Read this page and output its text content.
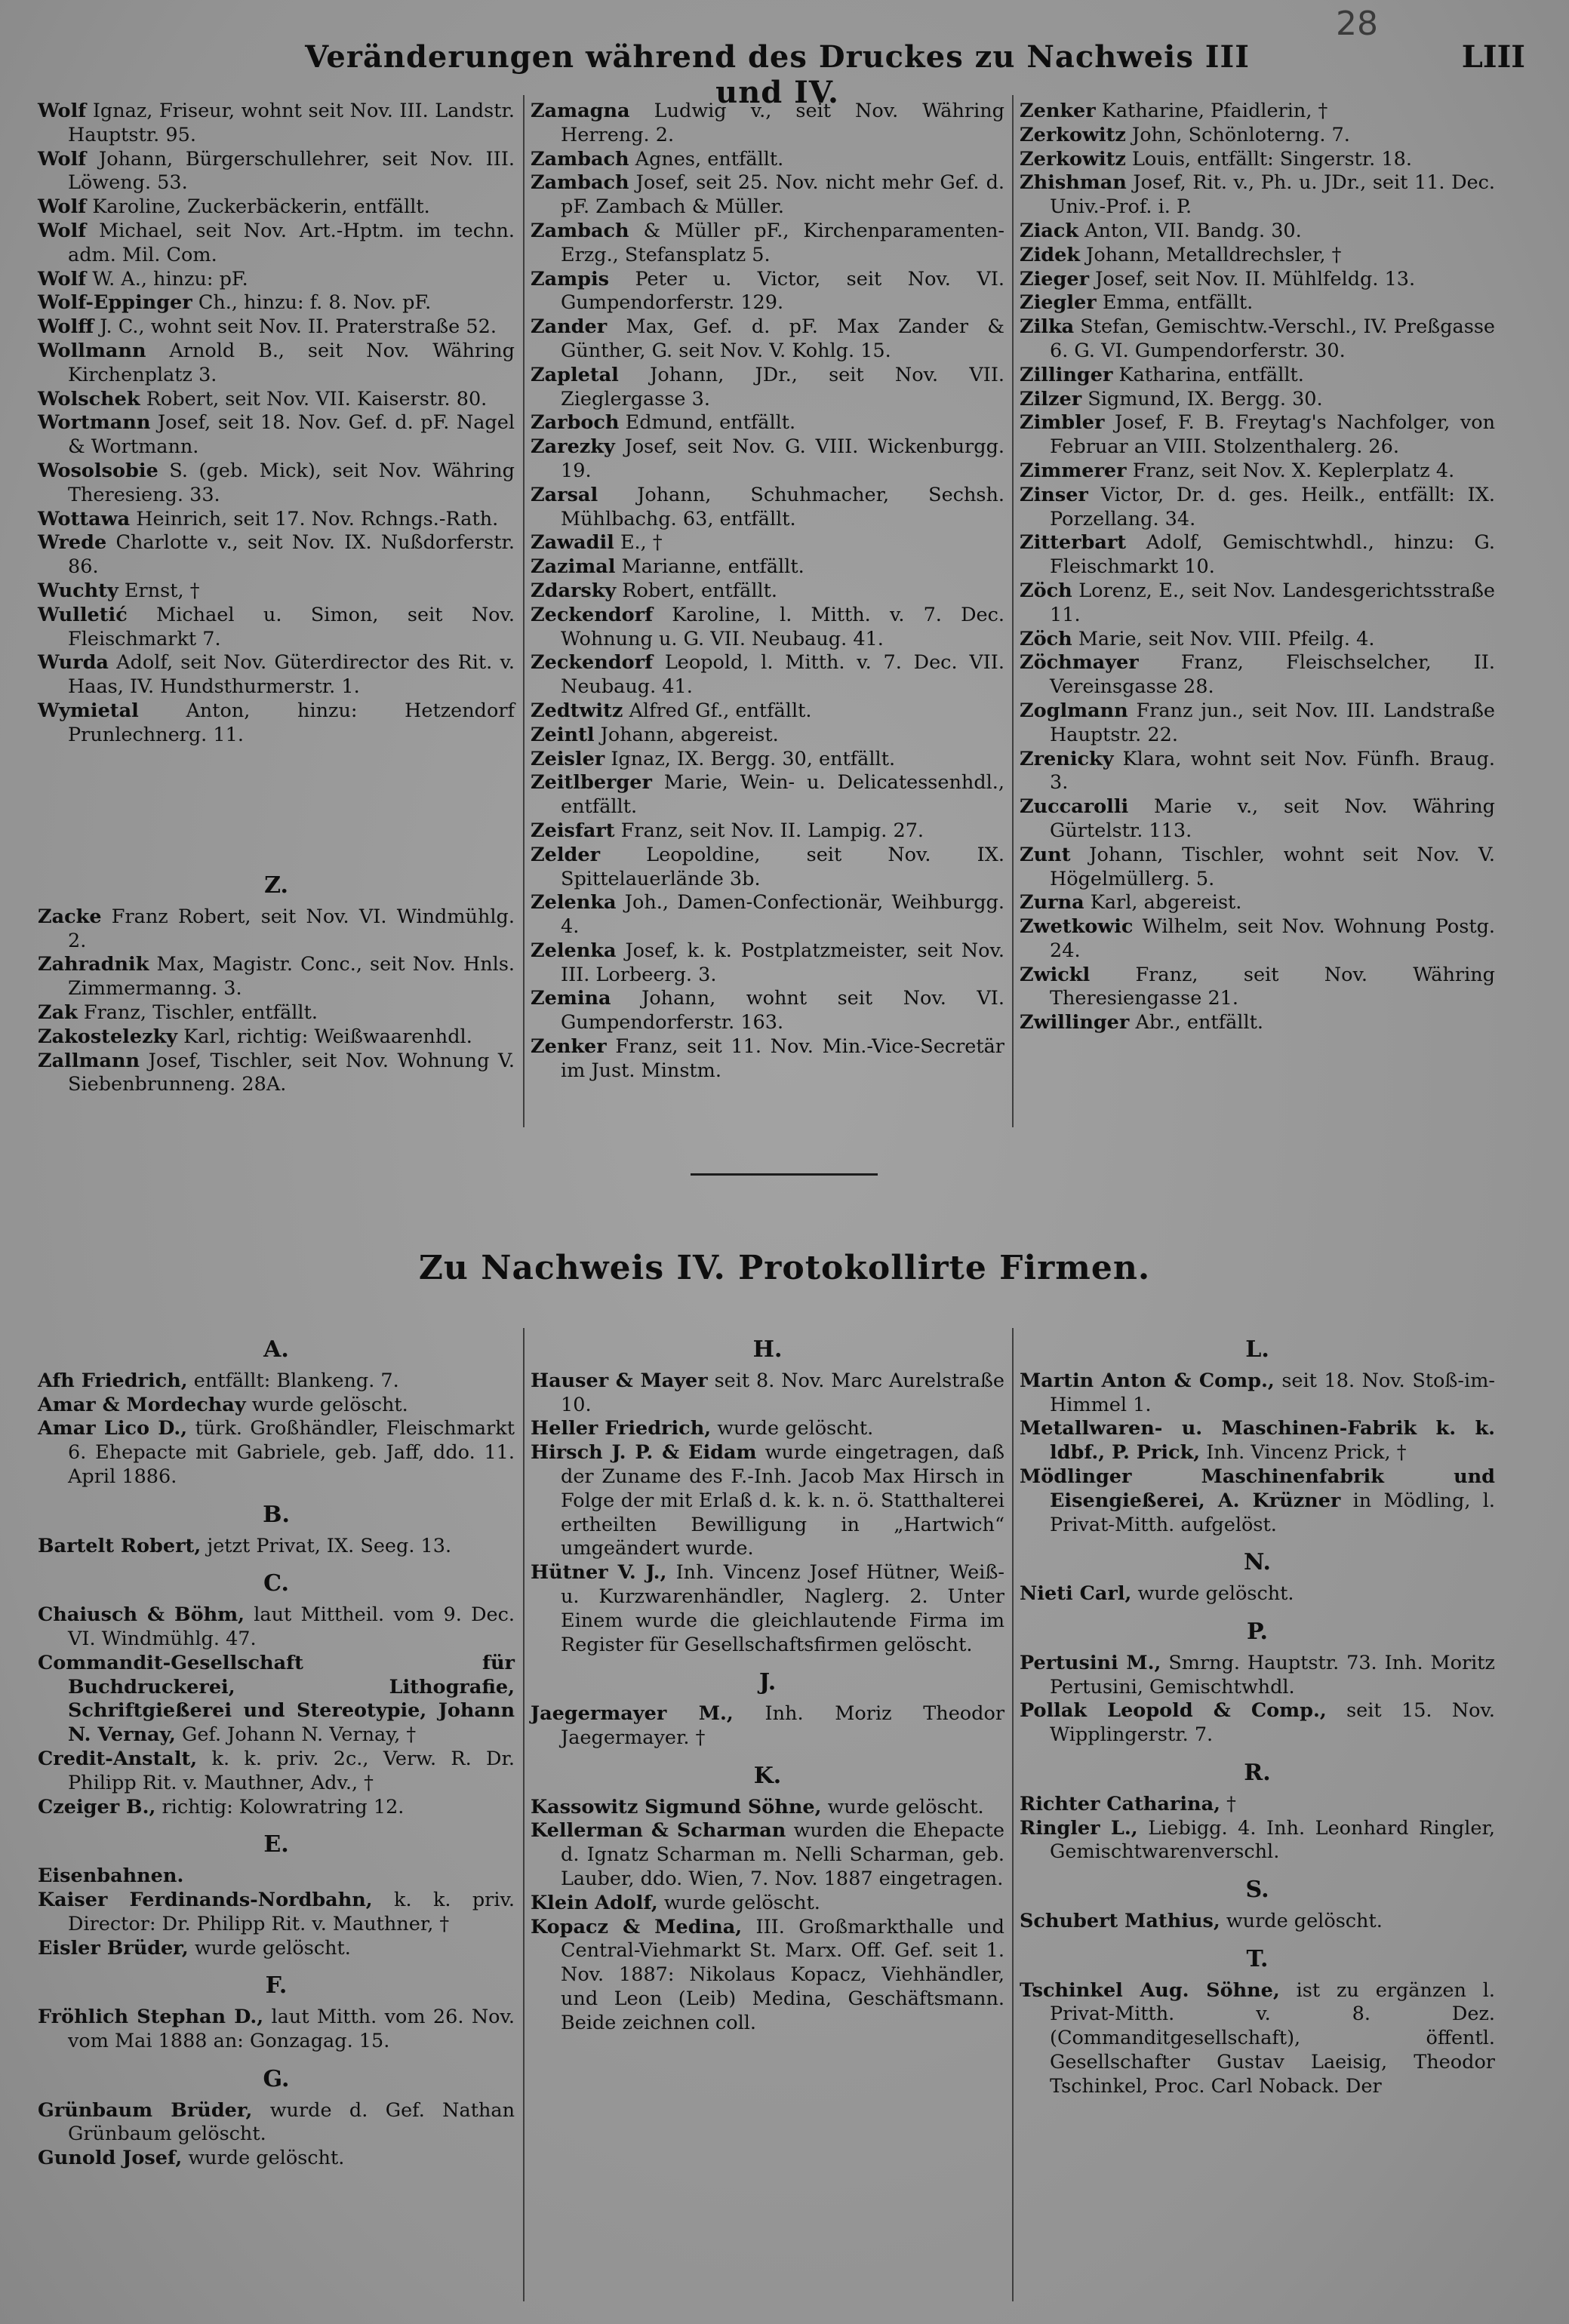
28
Veränderungen während des Druckes zu Nachweis III und IV.
LIII

Wolf Ignaz, Friseur, wohnt seit Nov. III. Landstr. Hauptstr. 95.

Wolf Johann, Bürgerschullehrer, seit Nov. III. Löweng. 53.

Wolf Karoline, Zuckerbäckerin, entfällt.

Wolf Michael, seit Nov. Art.-Hptm. im techn. adm. Mil. Com.

Wolf W. A., hinzu: pF.

Wolf-Eppinger Ch., hinzu: f. 8. Nov. pF.

Wolff J. C., wohnt seit Nov. II. Praterstraße 52.

Wollmann Arnold B., seit Nov. Währing Kirchenplatz 3.

Wolschek Robert, seit Nov. VII. Kaiserstr. 80.

Wortmann Josef, seit 18. Nov. Gef. d. pF. Nagel & Wortmann.

Wosolsobie S. (geb. Mick), seit Nov. Währing Theresieng. 33.

Wottawa Heinrich, seit 17. Nov. Rchngs.-Rath.

Wrede Charlotte v., seit Nov. IX. Nußdorferstr. 86.

Wuchty Ernst, †

Wulletić Michael u. Simon, seit Nov. Fleischmarkt 7.

Wurda Adolf, seit Nov. Güterdirector des Rit. v. Haas, IV. Hundsthurmerstr. 1.

Wymietal Anton, hinzu: Hetzendorf Prunlechnerg. 11.

Z.

Zacke Franz Robert, seit Nov. VI. Windmühlg. 2.

Zahradnik Max, Magistr. Conc., seit Nov. Hnls. Zimmermanng. 3.

Zak Franz, Tischler, entfällt.

Zakostelezky Karl, richtig: Weißwaarenhdl.

Zallmann Josef, Tischler, seit Nov. Wohnung V. Siebenbrunneng. 28A.

Zamagna Ludwig v., seit Nov. Währing Herreng. 2.

Zambach Agnes, entfällt.

Zambach Josef, seit 25. Nov. nicht mehr Gef. d. pF. Zambach & Müller.

Zambach & Müller pF., Kirchenparamenten-Erzg., Stefansplatz 5.

Zampis Peter u. Victor, seit Nov. VI. Gumpendorferstr. 129.

Zander Max, Gef. d. pF. Max Zander & Günther, G. seit Nov. V. Kohlg. 15.

Zapletal Johann, JDr., seit Nov. VII. Zieglergasse 3.

Zarboch Edmund, entfällt.

Zarezky Josef, seit Nov. G. VIII. Wickenburgg. 19.

Zarsal Johann, Schuhmacher, Sechsh. Mühlbachg. 63, entfällt.

Zawadil E., †

Zazimal Marianne, entfällt.

Zdarsky Robert, entfällt.

Zeckendorf Karoline, l. Mitth. v. 7. Dec. Wohnung u. G. VII. Neubaug. 41.

Zeckendorf Leopold, l. Mitth. v. 7. Dec. VII. Neubaug. 41.

Zedtwitz Alfred Gf., entfällt.

Zeintl Johann, abgereist.

Zeisler Ignaz, IX. Bergg. 30, entfällt.

Zeitlberger Marie, Wein- u. Delicatessenhdl., entfällt.

Zeisfart Franz, seit Nov. II. Lampig. 27.

Zelder Leopoldine, seit Nov. IX. Spittelauerlände 3b.

Zelenka Joh., Damen-Confectionär, Weihburgg. 4.

Zelenka Josef, k. k. Postplatzmeister, seit Nov. III. Lorbeerg. 3.

Zemina Johann, wohnt seit Nov. VI. Gumpendorferstr. 163.

Zenker Franz, seit 11. Nov. Min.-Vice-Secretär im Just. Minstm.

Zenker Katharine, Pfaidlerin, †

Zerkowitz John, Schönloterng. 7.

Zerkowitz Louis, entfällt: Singerstr. 18.

Zhishman Josef, Rit. v., Ph. u. JDr., seit 11. Dec. Univ.-Prof. i. P.

Ziack Anton, VII. Bandg. 30.

Zidek Johann, Metalldrechsler, †

Zieger Josef, seit Nov. II. Mühlfeldg. 13.

Ziegler Emma, entfällt.

Zilka Stefan, Gemischtw.-Verschl., IV. Preßgasse 6. G. VI. Gumpendorferstr. 30.

Zillinger Katharina, entfällt.

Zilzer Sigmund, IX. Bergg. 30.

Zimbler Josef, F. B. Freytag's Nachfolger, von Februar an VIII. Stolzenthalerg. 26.

Zimmerer Franz, seit Nov. X. Keplerplatz 4.

Zinser Victor, Dr. d. ges. Heilk., entfällt: IX. Porzellang. 34.

Zitterbart Adolf, Gemischtwhdl., hinzu: G. Fleischmarkt 10.

Zöch Lorenz, E., seit Nov. Landesgerichtsstraße 11.

Zöch Marie, seit Nov. VIII. Pfeilg. 4.

Zöchmayer Franz, Fleischselcher, II. Vereinsgasse 28.

Zoglmann Franz jun., seit Nov. III. Landstraße Hauptstr. 22.

Zrenicky Klara, wohnt seit Nov. Fünfh. Braug. 3.

Zuccarolli Marie v., seit Nov. Währing Gürtelstr. 113.

Zunt Johann, Tischler, wohnt seit Nov. V. Högelmüllerg. 5.

Zurna Karl, abgereist.

Zwetkowic Wilhelm, seit Nov. Wohnung Postg. 24.

Zwickl Franz, seit Nov. Währing Theresiengasse 21.

Zwillinger Abr., entfällt.

Zu Nachweis IV. Protokollirte Firmen.

A.

Afh Friedrich, entfällt: Blankeng. 7.

Amar & Mordechay wurde gelöscht.

Amar Lico D., türk. Großhändler, Fleischmarkt 6. Ehepacte mit Gabriele, geb. Jaff, ddo. 11. April 1886.

B.

Bartelt Robert, jetzt Privat, IX. Seeg. 13.

C.

Chaiusch & Böhm, laut Mittheil. vom 9. Dec. VI. Windmühlg. 47.

Commandit-Gesellschaft für Buchdruckerei, Lithografie, Schriftgießerei und Stereotypie, Johann N. Vernay, Gef. Johann N. Vernay, †

Credit-Anstalt, k. k. priv. 2c., Verw. R. Dr. Philipp Rit. v. Mauthner, Adv., †

Czeiger B., richtig: Kolowratring 12.

E.

Eisenbahnen.

Kaiser Ferdinands-Nordbahn, k. k. priv. Director: Dr. Philipp Rit. v. Mauthner, †

Eisler Brüder, wurde gelöscht.

F.

Fröhlich Stephan D., laut Mitth. vom 26. Nov. vom Mai 1888 an: Gonzagag. 15.

G.

Grünbaum Brüder, wurde d. Gef. Nathan Grünbaum gelöscht.

Gunold Josef, wurde gelöscht.

H.

Hauser & Mayer seit 8. Nov. Marc Aurelstraße 10.

Heller Friedrich, wurde gelöscht.

Hirsch J. P. & Eidam wurde eingetragen, daß der Zuname des F.-Inh. Jacob Max Hirsch in Folge der mit Erlaß d. k. k. n. ö. Statthalterei ertheilten Bewilligung in „Hartwich“ umgeändert wurde.

Hütner V. J., Inh. Vincenz Josef Hütner, Weiß- u. Kurzwarenhändler, Naglerg. 2. Unter Einem wurde die gleichlautende Firma im Register für Gesellschaftsfirmen gelöscht.

J.

Jaegermayer M., Inh. Moriz Theodor Jaegermayer. †

K.

Kassowitz Sigmund Söhne, wurde gelöscht.

Kellerman & Scharman wurden die Ehepacte d. Ignatz Scharman m. Nelli Scharman, geb. Lauber, ddo. Wien, 7. Nov. 1887 eingetragen.

Klein Adolf, wurde gelöscht.

Kopacz & Medina, III. Großmarkthalle und Central-Viehmarkt St. Marx. Off. Gef. seit 1. Nov. 1887: Nikolaus Kopacz, Viehhändler, und Leon (Leib) Medina, Geschäftsmann. Beide zeichnen coll.

L.

Martin Anton & Comp., seit 18. Nov. Stoß-im-Himmel 1.

Metallwaren- u. Maschinen-Fabrik k. k. ldbf., P. Prick, Inh. Vincenz Prick, †

Mödlinger Maschinenfabrik und Eisengießerei, A. Krüzner in Mödling, l. Privat-Mitth. aufgelöst.

N.

Nieti Carl, wurde gelöscht.

P.

Pertusini M., Smrng. Hauptstr. 73. Inh. Moritz Pertusini, Gemischtwhdl.

Pollak Leopold & Comp., seit 15. Nov. Wipplingerstr. 7.

R.

Richter Catharina, †

Ringler L., Liebigg. 4. Inh. Leonhard Ringler, Gemischtwarenverschl.

S.

Schubert Mathius, wurde gelöscht.

T.

Tschinkel Aug. Söhne, ist zu ergänzen l. Privat-Mitth. v. 8. Dez. (Commanditgesellschaft), öffentl. Gesellschafter Gustav Laeisig, Theodor Tschinkel, Proc. Carl Noback. Der
